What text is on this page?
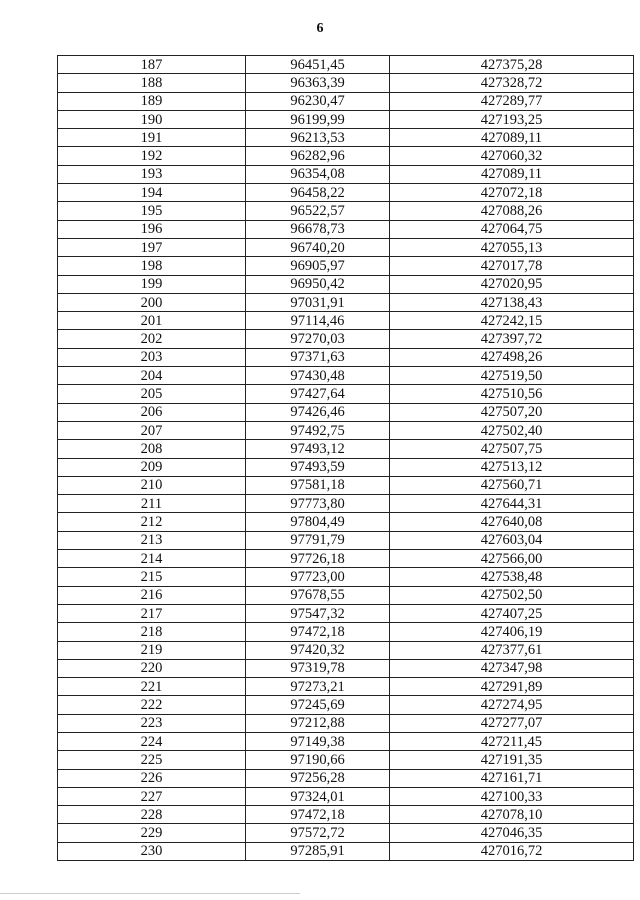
6
187	96451,45	427375,28
188	96363,39	427328,72
189	96230,47	427289,77
190	96199,99	427193,25
191	96213,53	427089,11
192	96282,96	427060,32
193	96354,08	427089,11
194	96458,22	427072,18
195	96522,57	427088,26
196	96678,73	427064,75
197	96740,20	427055,13
198	96905,97	427017,78
199	96950,42	427020,95
200	97031,91	427138,43
201	97114,46	427242,15
202	97270,03	427397,72
203	97371,63	427498,26
204	97430,48	427519,50
205	97427,64	427510,56
206	97426,46	427507,20
207	97492,75	427502,40
208	97493,12	427507,75
209	97493,59	427513,12
210	97581,18	427560,71
211	97773,80	427644,31
212	97804,49	427640,08
213	97791,79	427603,04
214	97726,18	427566,00
215	97723,00	427538,48
216	97678,55	427502,50
217	97547,32	427407,25
218	97472,18	427406,19
219	97420,32	427377,61
220	97319,78	427347,98
221	97273,21	427291,89
222	97245,69	427274,95
223	97212,88	427277,07
224	97149,38	427211,45
225	97190,66	427191,35
226	97256,28	427161,71
227	97324,01	427100,33
228	97472,18	427078,10
229	97572,72	427046,35
230	97285,91	427016,72
